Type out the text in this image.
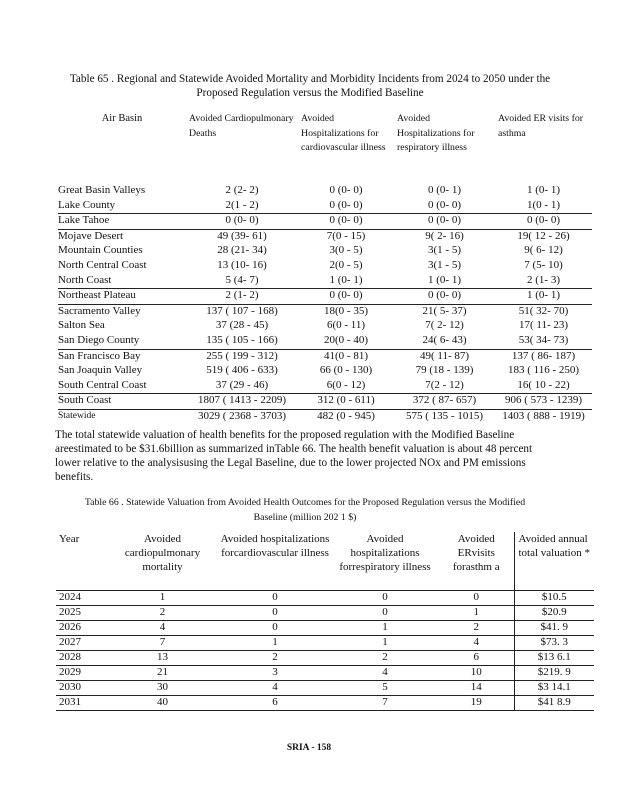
Table 65 . Regional and Statewide Avoided Mortality and Morbidity Incidents from 2024 to 2050 under the Proposed Regulation versus the Modified Baseline
Air Basin	Avoided Cardiopulmonary Deaths	Avoided Hospitalizations for cardiovascular illness	Avoided Hospitalizations for respiratory illness	Avoided ER visits for asthma
Great Basin Valleys	2 (2- 2)	0 (0- 0)	0 (0- 1)	1 (0- 1)
Lake County	2(1 - 2)	0 (0- 0)	0 (0- 0)	1(0 - 1)
Lake Tahoe	0 (0- 0)	0 (0- 0)	0 (0- 0)	0 (0- 0)
Mojave Desert	49 (39- 61)	7(0 - 15)	9( 2- 16)	19( 12 - 26)
Mountain Counties	28 (21- 34)	3(0 - 5)	3(1 - 5)	9( 6- 12)
North Central Coast	13 (10- 16)	2(0 - 5)	3(1 - 5)	7 (5- 10)
North Coast	5 (4- 7)	1 (0- 1)	1 (0- 1)	2 (1- 3)
Northeast Plateau	2 (1- 2)	0 (0- 0)	0 (0- 0)	1 (0- 1)
Sacramento Valley	137 ( 107 - 168)	18(0 - 35)	21( 5- 37)	51( 32- 70)
Salton Sea	37 (28 - 45)	6(0 - 11)	7( 2- 12)	17( 11- 23)
San Diego County	135 ( 105 - 166)	20(0 - 40)	24( 6- 43)	53( 34- 73)
San Francisco Bay	255 ( 199 - 312)	41(0 - 81)	49( 11- 87)	137 ( 86- 187)
San Joaquin Valley	519 ( 406 - 633)	66 (0 - 130)	79 (18 - 139)	183 ( 116 - 250)
South Central Coast	37 (29 - 46)	6(0 - 12)	7(2 - 12)	16( 10 - 22)
South Coast	1807 ( 1413 - 2209)	312 (0 - 611)	372 ( 87- 657)	906 ( 573 - 1239)
Statewide	3029 ( 2368 - 3703)	482 (0 - 945)	575 ( 135 - 1015)	1403 ( 888 - 1919)
The total statewide valuation of health benefits for the proposed regulation with the Modified Baseline areestimated to be $31.6billion as summarized inTable 66. The health benefit valuation is about 48 percent lower relative to the analysisusing the Legal Baseline, due to the lower projected NOx and PM emissions benefits.
Table 66 . Statewide Valuation from Avoided Health Outcomes for the Proposed Regulation versus the Modified Baseline (million 202 1 $)
Year	Avoided cardiopulmonary mortality	Avoided hospitalizations forcardiovascular illness	Avoided hospitalizations forrespiratory illness	Avoided ERvisits forasthm a	Avoided annual total valuation *
2024	1	0	0	0	$10.5
2025	2	0	0	1	$20.9
2026	4	0	1	2	$41. 9
2027	7	1	1	4	$73. 3
2028	13	2	2	6	$13 6.1
2029	21	3	4	10	$219. 9
2030	30	4	5	14	$3 14.1
2031	40	6	7	19	$41 8.9
SRIA - 158
